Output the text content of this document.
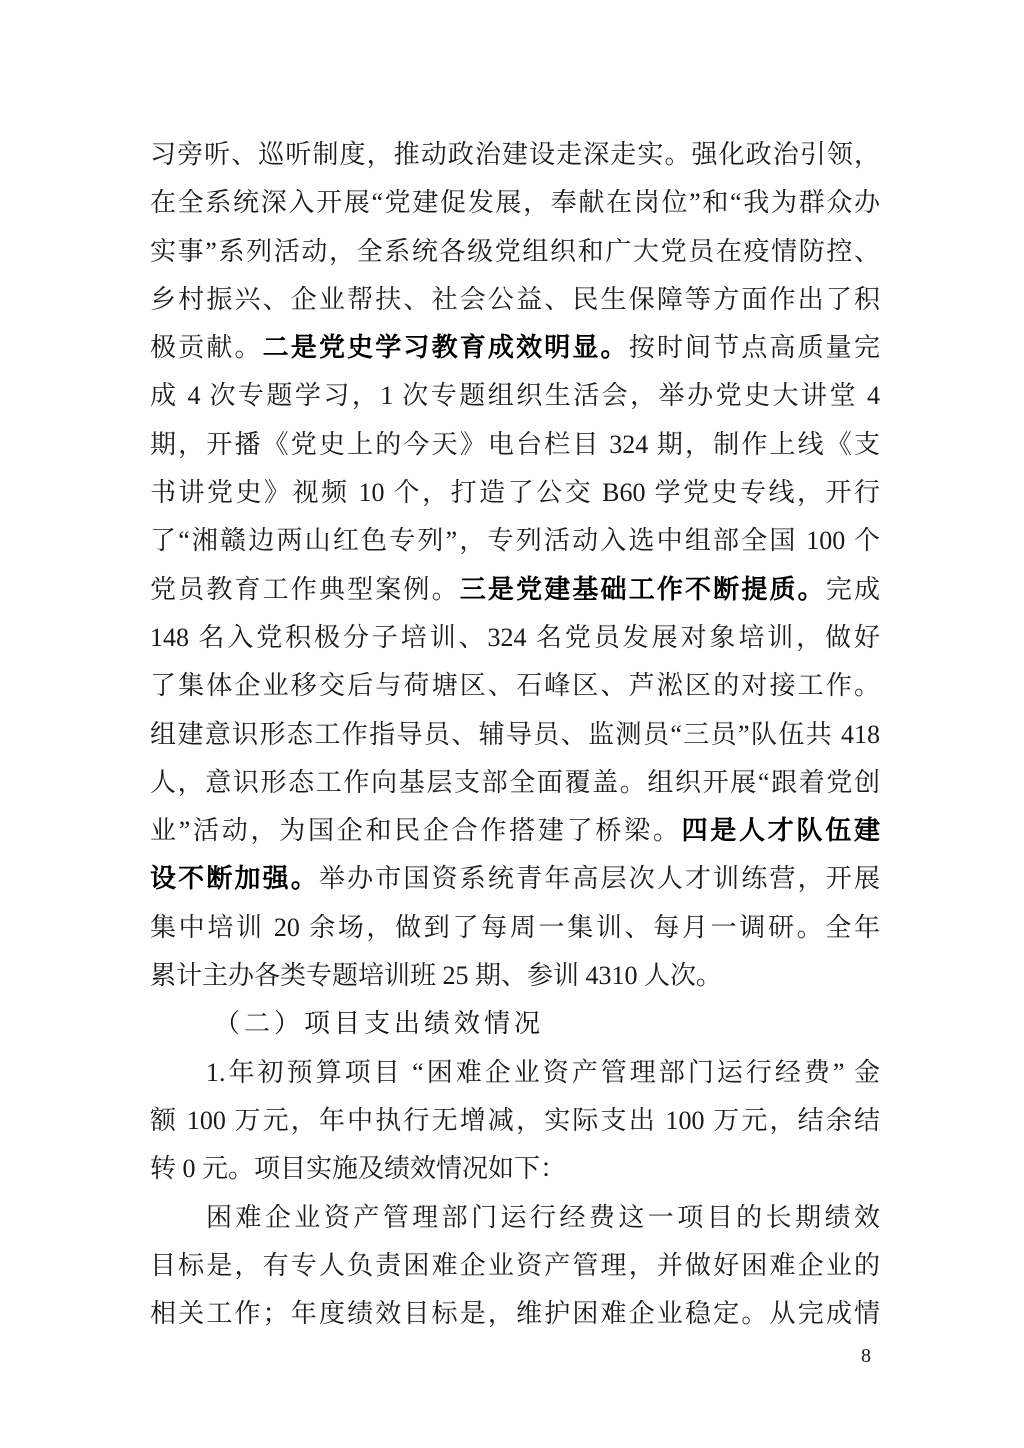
习旁听、巡听制度，推动政治建设走深走实。强化政治引领，
在全系统深入开展“党建促发展，奉献在岗位”和“我为群众办
实事”系列活动，全系统各级党组织和广大党员在疫情防控、
乡村振兴、企业帮扶、社会公益、民生保障等方面作出了积
极贡献。二是党史学习教育成效明显。按时间节点高质量完
成 4 次专题学习，1 次专题组织生活会，举办党史大讲堂 4
期，开播《党史上的今天》电台栏目 324 期，制作上线《支
书讲党史》视频 10 个，打造了公交 B60 学党史专线，开行
了“湘赣边两山红色专列”，专列活动入选中组部全国 100 个
党员教育工作典型案例。三是党建基础工作不断提质。完成
148 名入党积极分子培训、324 名党员发展对象培训，做好
了集体企业移交后与荷塘区、石峰区、芦淞区的对接工作。
组建意识形态工作指导员、辅导员、监测员“三员”队伍共 418
人，意识形态工作向基层支部全面覆盖。组织开展“跟着党创
业”活动，为国企和民企合作搭建了桥梁。四是人才队伍建
设不断加强。举办市国资系统青年高层次人才训练营，开展
集中培训 20 余场，做到了每周一集训、每月一调研。全年
累计主办各类专题培训班 25 期、参训 4310 人次。
（二）项目支出绩效情况
1.年初预算项目 “困难企业资产管理部门运行经费” 金
额 100 万元，年中执行无增减，实际支出 100 万元，结余结
转 0 元。项目实施及绩效情况如下：
困难企业资产管理部门运行经费这一项目的长期绩效
目标是，有专人负责困难企业资产管理，并做好困难企业的
相关工作；年度绩效目标是，维护困难企业稳定。从完成情
8
